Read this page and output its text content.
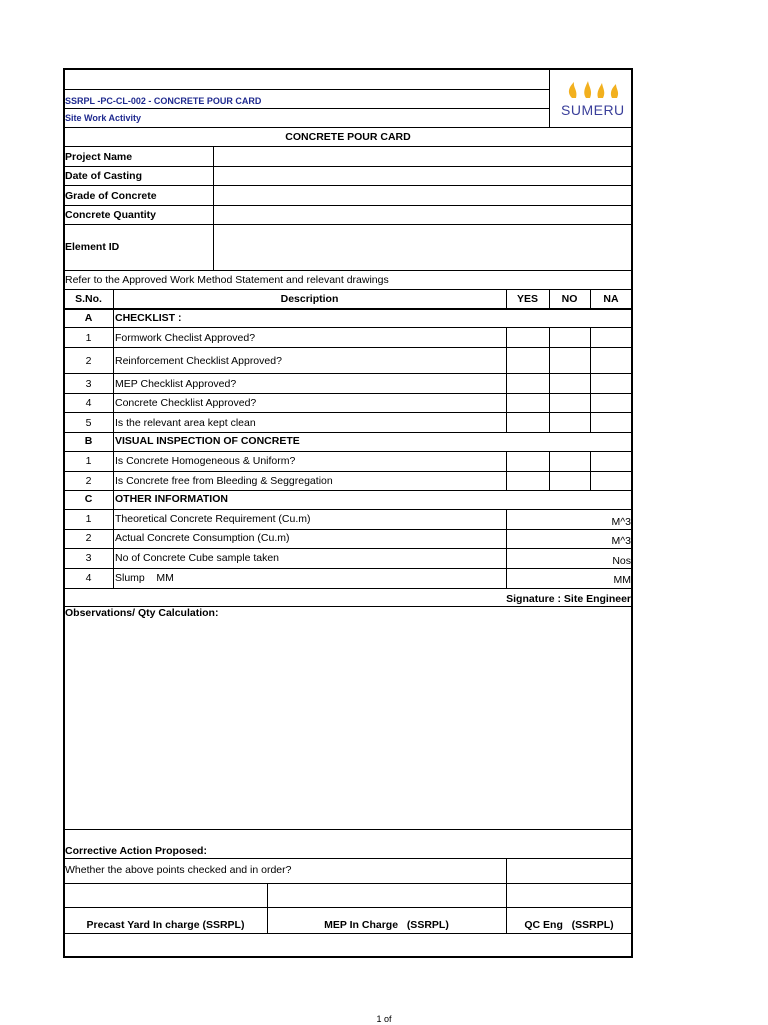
SSRPL -PC-CL-002 - CONCRETE POUR CARD
Site Work Activity	SUMERU
CONCRETE POUR CARD
Project Name
Date of Casting
Grade of Concrete
Concrete Quantity
Element ID
Refer to the Approved Work Method Statement and relevant drawings
S.No.	Description	YES	NO	NA
A	CHECKLIST :
1	Formwork Checlist Approved?
2	Reinforcement Checklist Approved?
3	MEP Checklist Approved?
4	Concrete Checklist Approved?
5	Is the relevant area kept clean
B	VISUAL INSPECTION OF CONCRETE
1	Is Concrete Homogeneous & Uniform?
2	Is Concrete free from Bleeding & Seggregation
C	OTHER INFORMATION
1	Theoretical Concrete Requirement (Cu.m)	M^3
2	Actual Concrete Consumption (Cu.m)	M^3
3	No of Concrete Cube sample taken	Nos
4	Slump    MM	MM
Signature : Site Engineer
Observations/ Qty Calculation:
Corrective Action Proposed:
Whether the above points checked and in order?
Precast Yard In charge (SSRPL)	MEP In Charge   (SSRPL)	QC Eng   (SSRPL)
1 of
